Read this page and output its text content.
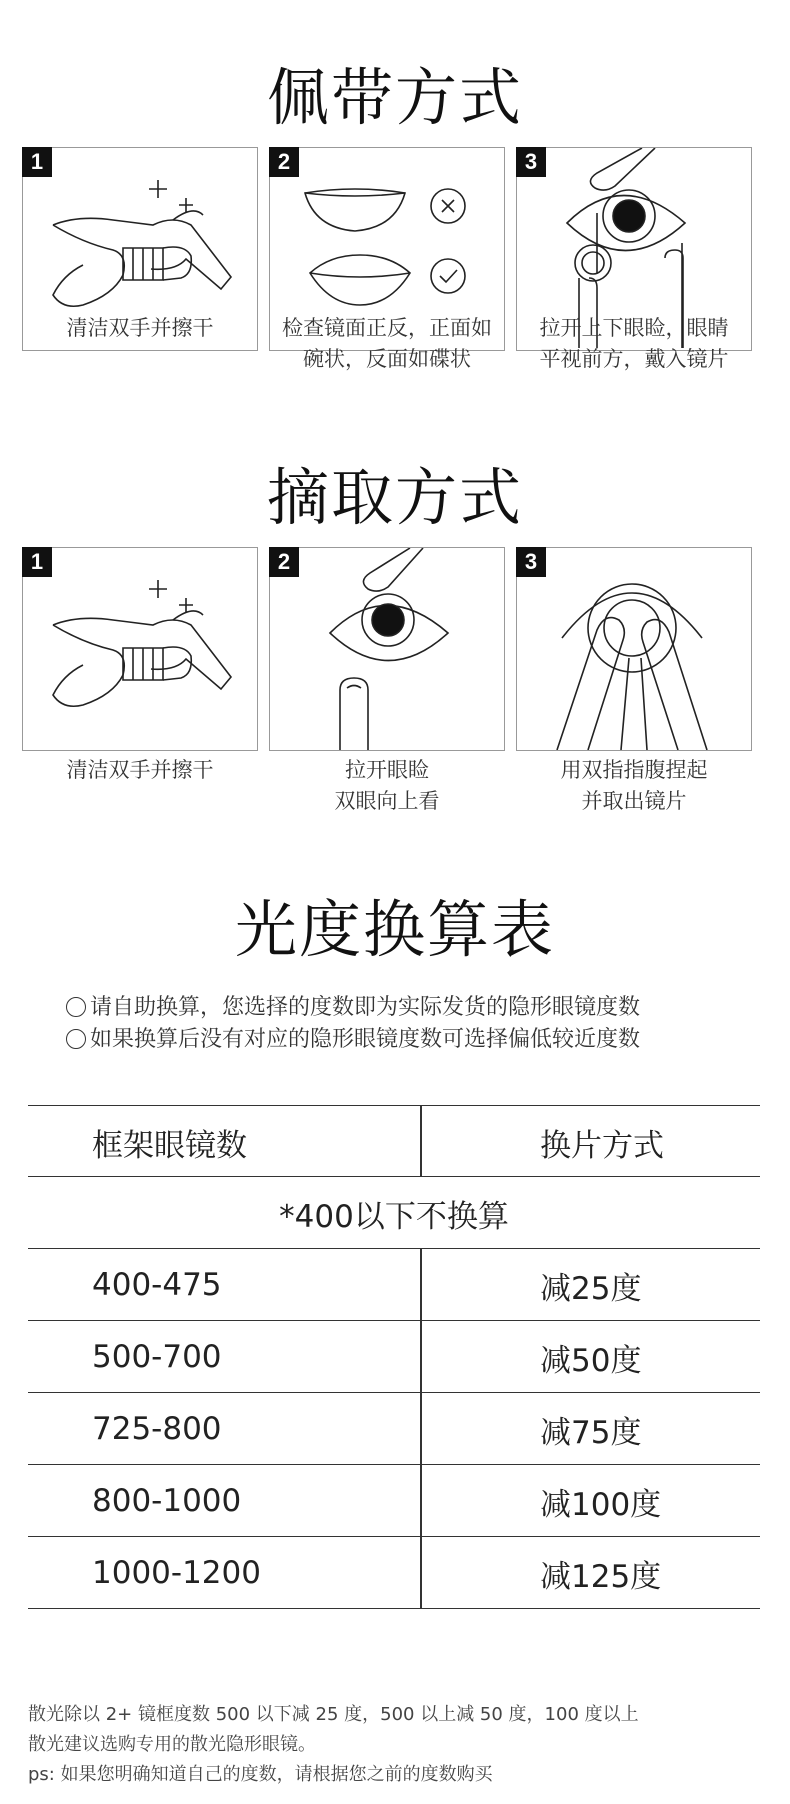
佩带方式
1
清洁双手并擦干
2
检查镜面正反，正面如
碗状，反面如碟状
3
拉开上下眼睑，眼睛
平视前方，戴入镜片
摘取方式
1
清洁双手并擦干
2
拉开眼睑
双眼向上看
3
用双指指腹捏起
并取出镜片
光度换算表
请自助换算，您选择的度数即为实际发货的隐形眼镜度数
如果换算后没有对应的隐形眼镜度数可选择偏低较近度数
框架眼镜数	换片方式
*400以下不换算
400-475	减25度
500-700	减50度
725-800	减75度
800-1000	减100度
1000-1200	减125度
散光除以 2+ 镜框度数 500 以下减 25 度，500 以上减 50 度，100 度以上
散光建议选购专用的散光隐形眼镜。
ps: 如果您明确知道自己的度数，请根据您之前的度数购买
